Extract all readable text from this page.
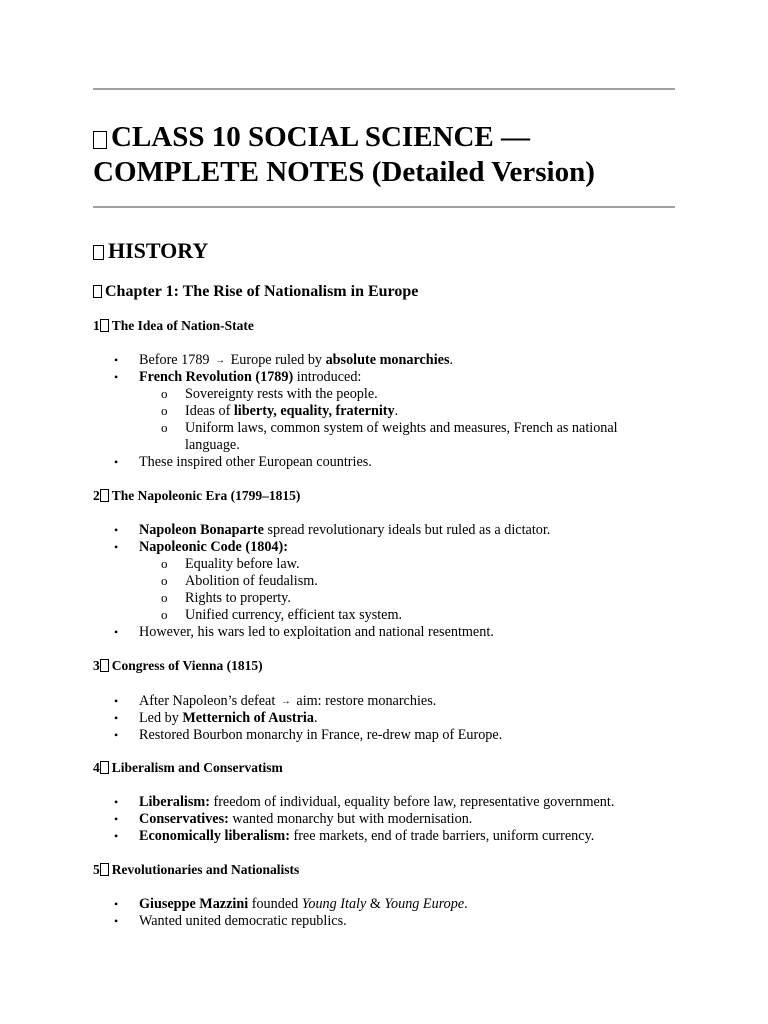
CLASS 10 SOCIAL SCIENCE — COMPLETE NOTES (Detailed Version)
HISTORY
Chapter 1: The Rise of Nationalism in Europe
1 The Idea of Nation-State
• Before 1789 → Europe ruled by absolute monarchies.
• French Revolution (1789) introduced:
o Sovereignty rests with the people.
o Ideas of liberty, equality, fraternity.
o Uniform laws, common system of weights and measures, French as national language.
• These inspired other European countries.
2 The Napoleonic Era (1799–1815)
• Napoleon Bonaparte spread revolutionary ideals but ruled as a dictator.
• Napoleonic Code (1804):
o Equality before law.
o Abolition of feudalism.
o Rights to property.
o Unified currency, efficient tax system.
• However, his wars led to exploitation and national resentment.
3 Congress of Vienna (1815)
• After Napoleon’s defeat → aim: restore monarchies.
• Led by Metternich of Austria.
• Restored Bourbon monarchy in France, re-drew map of Europe.
4 Liberalism and Conservatism
• Liberalism: freedom of individual, equality before law, representative government.
• Conservatives: wanted monarchy but with modernisation.
• Economically liberalism: free markets, end of trade barriers, uniform currency.
5 Revolutionaries and Nationalists
• Giuseppe Mazzini founded Young Italy & Young Europe.
• Wanted united democratic republics.
